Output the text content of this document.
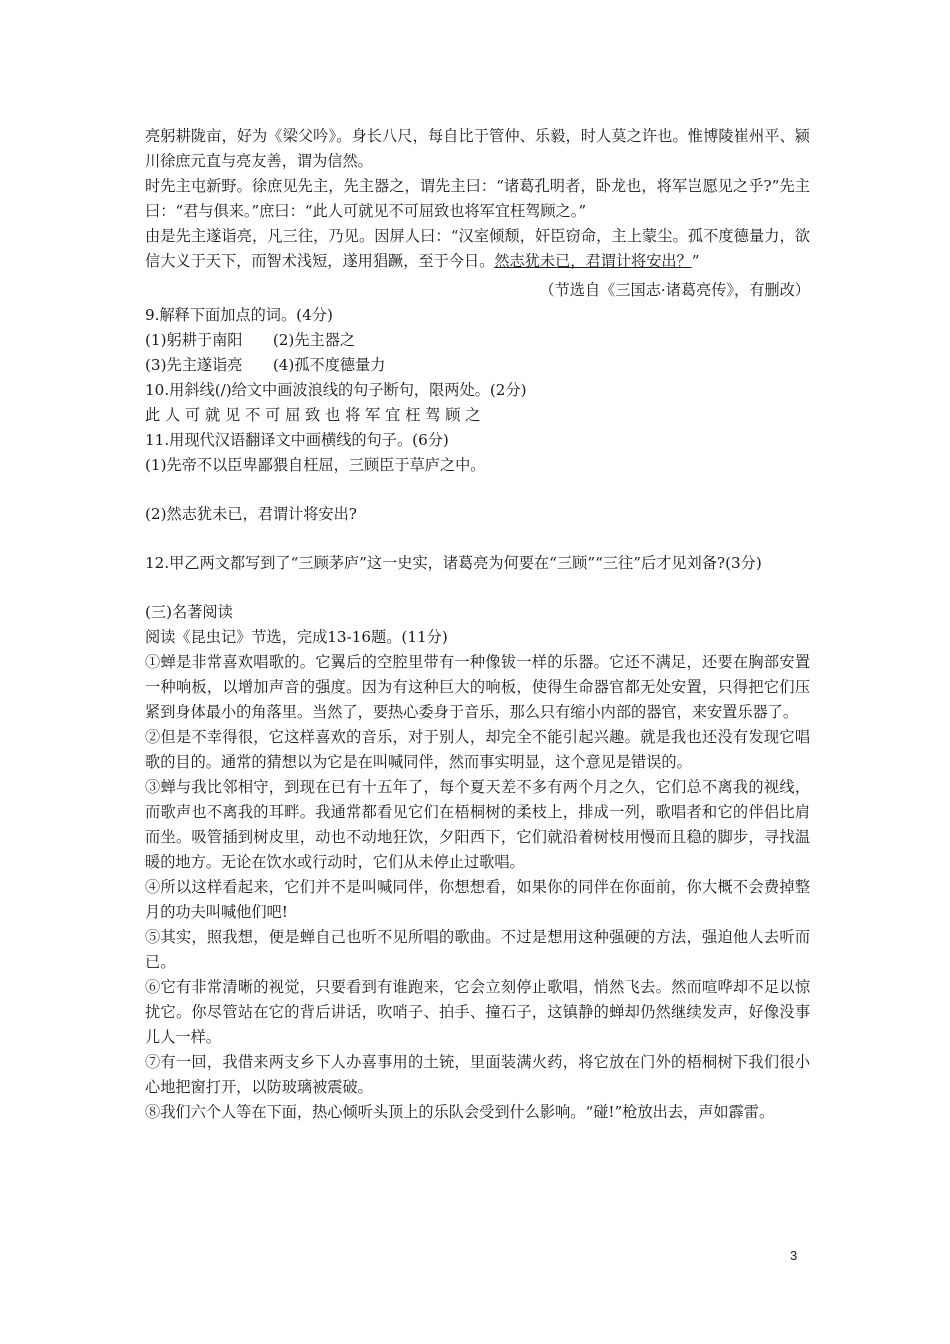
亮躬耕陇亩，好为《梁父吟》。身长八尺，每自比于管仲、乐毅，时人莫之许也。惟博陵崔州平、颍川徐庶元直与亮友善，谓为信然。

时先主屯新野。徐庶见先主，先主器之，谓先主曰：“诸葛孔明者，卧龙也，将军岂愿见之乎?”先主曰：“君与俱来。”庶曰：“此人可就见不可屈致也将军宜枉驾顾之。”

由是先主遂诣亮，凡三往，乃见。因屏人曰：“汉室倾颓，奸臣窃命，主上蒙尘。孤不度德量力，欲信大义于天下，而智术浅短，遂用猖蹶，至于今日。然志犹未已，君谓计将安出？”

（节选自《三国志·诸葛亮传》，有删改）

9.解释下面加点的词。(4分)

(1)躬耕于南阳　　(2)先主器之

(3)先主遂诣亮　　(4)孤不度德量力

10.用斜线(/)给文中画波浪线的句子断句，限两处。(2分)

此 人 可 就 见 不 可 屈 致 也 将 军 宜 枉 驾 顾 之

11.用现代汉语翻译文中画横线的句子。(6分)

(1)先帝不以臣卑鄙猥自枉屈，三顾臣于草庐之中。

(2)然志犹未已，君谓计将安出?

12.甲乙两文都写到了“三顾茅庐”这一史实，诸葛亮为何要在“三顾”“三往”后才见刘备?(3分)

(三)名著阅读

阅读《昆虫记》节选，完成13-16题。(11分)

①蝉是非常喜欢唱歌的。它翼后的空腔里带有一种像钹一样的乐器。它还不满足，还要在胸部安置一种响板，以增加声音的强度。因为有这种巨大的响板，使得生命器官都无处安置，只得把它们压紧到身体最小的角落里。当然了，要热心委身于音乐，那么只有缩小内部的器官，来安置乐器了。

②但是不幸得很，它这样喜欢的音乐，对于别人，却完全不能引起兴趣。就是我也还没有发现它唱歌的目的。通常的猜想以为它是在叫喊同伴，然而事实明显，这个意见是错误的。

③蝉与我比邻相守，到现在已有十五年了，每个夏天差不多有两个月之久，它们总不离我的视线，而歌声也不离我的耳畔。我通常都看见它们在梧桐树的柔枝上，排成一列，歌唱者和它的伴侣比肩而坐。吸管插到树皮里，动也不动地狂饮，夕阳西下，它们就沿着树枝用慢而且稳的脚步，寻找温暖的地方。无论在饮水或行动时，它们从未停止过歌唱。

④所以这样看起来，它们并不是叫喊同伴，你想想看，如果你的同伴在你面前，你大概不会费掉整月的功夫叫喊他们吧!

⑤其实，照我想，便是蝉自己也听不见所唱的歌曲。不过是想用这种强硬的方法，强迫他人去听而已。

⑥它有非常清晰的视觉，只要看到有谁跑来，它会立刻停止歌唱，悄然飞去。然而喧哗却不足以惊扰它。你尽管站在它的背后讲话，吹哨子、拍手、撞石子，这镇静的蝉却仍然继续发声，好像没事儿人一样。

⑦有一回，我借来两支乡下人办喜事用的土铳，里面装满火药，将它放在门外的梧桐树下我们很小心地把窗打开，以防玻璃被震破。

⑧我们六个人等在下面，热心倾听头顶上的乐队会受到什么影响。“碰!”枪放出去，声如霹雷。

3
